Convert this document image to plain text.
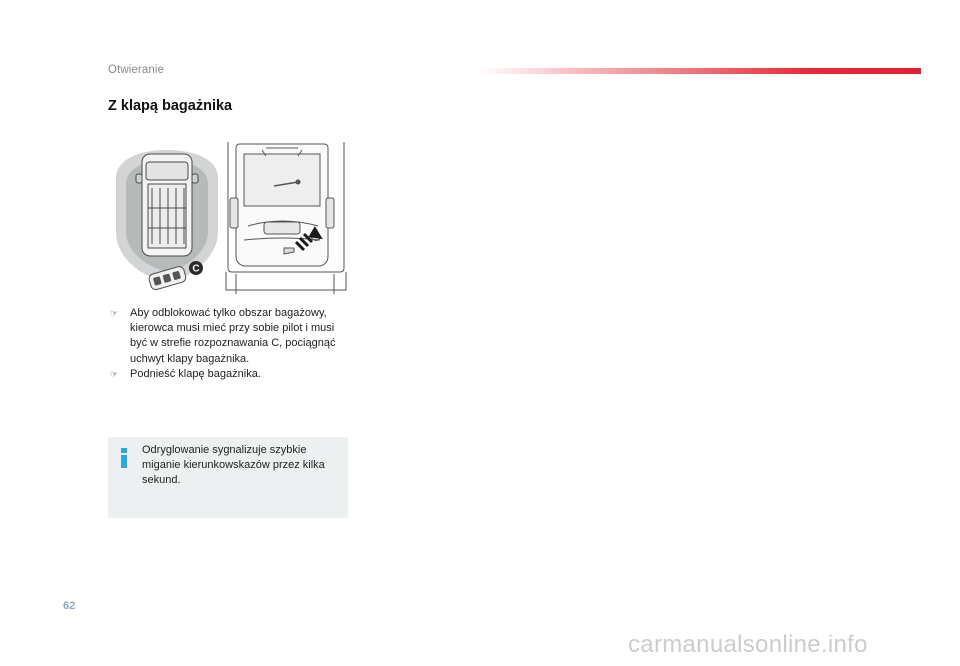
Otwieranie
Z klapą bagażnika
C
☞ Aby odblokować tylko obszar bagażowy, kierowca musi mieć przy sobie pilot i musi być w strefie rozpoznawania C, pociągnąć uchwyt klapy bagażnika.
☞ Podnieść klapę bagażnika.
Odryglowanie sygnalizuje szybkie miganie kierunkowskazów przez kilka sekund.
62
carmanualsonline.info
